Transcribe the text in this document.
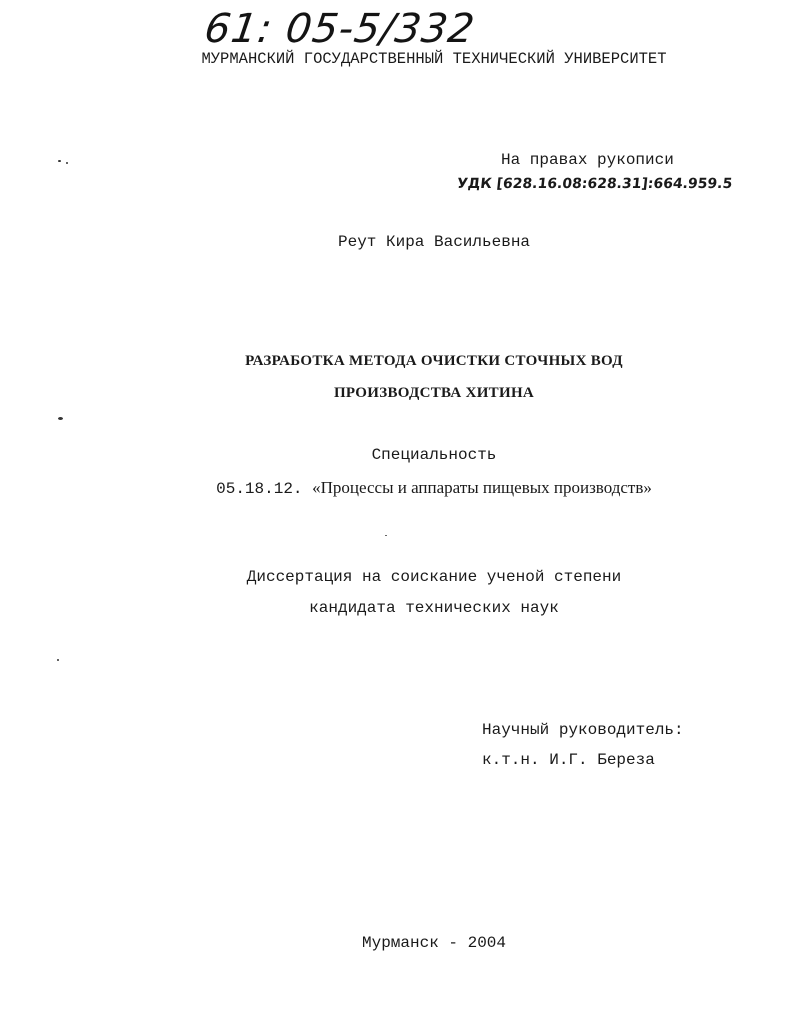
61: 05-5/332
МУРМАНСКИЙ ГОСУДАРСТВЕННЫЙ ТЕХНИЧЕСКИЙ УНИВЕРСИТЕТ
На правах рукописи
УДК [628.16.08:628.31]:664.959.5
Реут Кира Васильевна
РАЗРАБОТКА МЕТОДА ОЧИСТКИ СТОЧНЫХ ВОД
ПРОИЗВОДСТВА ХИТИНА
Специальность
05.18.12. «Процессы и аппараты пищевых производств»
Диссертация на соискание ученой степени
кандидата технических наук
Научный руководитель:
к.т.н. И.Г. Береза
Мурманск - 2004
